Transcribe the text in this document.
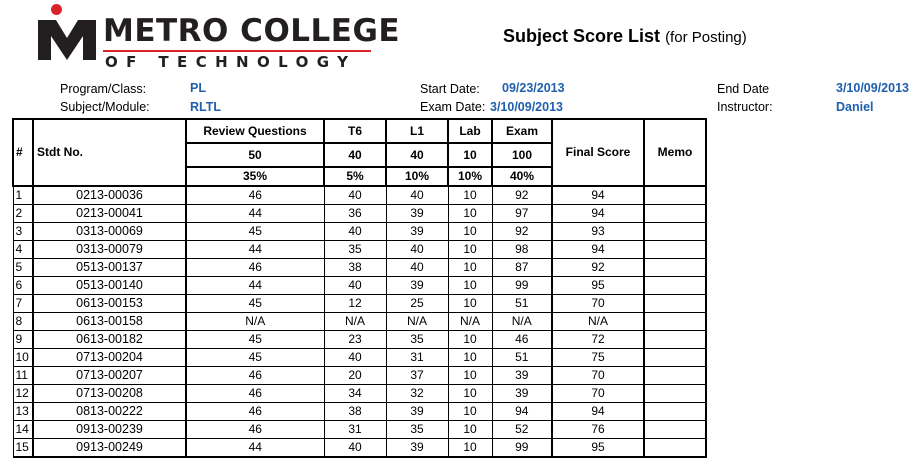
METRO COLLEGE
OF TECHNOLOGY
Subject Score List (for Posting)
Program/Class:	PL
Subject/Module:	RLTL
Start Date: 09/23/2013
Exam Date: 3/10/09/2013
End Date	3/10/09/2013
Instructor:	Daniel
#	Stdt No.	Review Questions	T6	L1	Lab	Exam	Final Score	Memo
		50	40	40	10	100		
		35%	5%	10%	10%	40%		
1	0213-00036	46	40	40	10	92	94	
2	0213-00041	44	36	39	10	97	94	
3	0313-00069	45	40	39	10	92	93	
4	0313-00079	44	35	40	10	98	94	
5	0513-00137	46	38	40	10	87	92	
6	0513-00140	44	40	39	10	99	95	
7	0613-00153	45	12	25	10	51	70	
8	0613-00158	N/A	N/A	N/A	N/A	N/A	N/A	
9	0613-00182	45	23	35	10	46	72	
10	0713-00204	45	40	31	10	51	75	
11	0713-00207	46	20	37	10	39	70	
12	0713-00208	46	34	32	10	39	70	
13	0813-00222	46	38	39	10	94	94	
14	0913-00239	46	31	35	10	52	76	
15	0913-00249	44	40	39	10	99	95	
